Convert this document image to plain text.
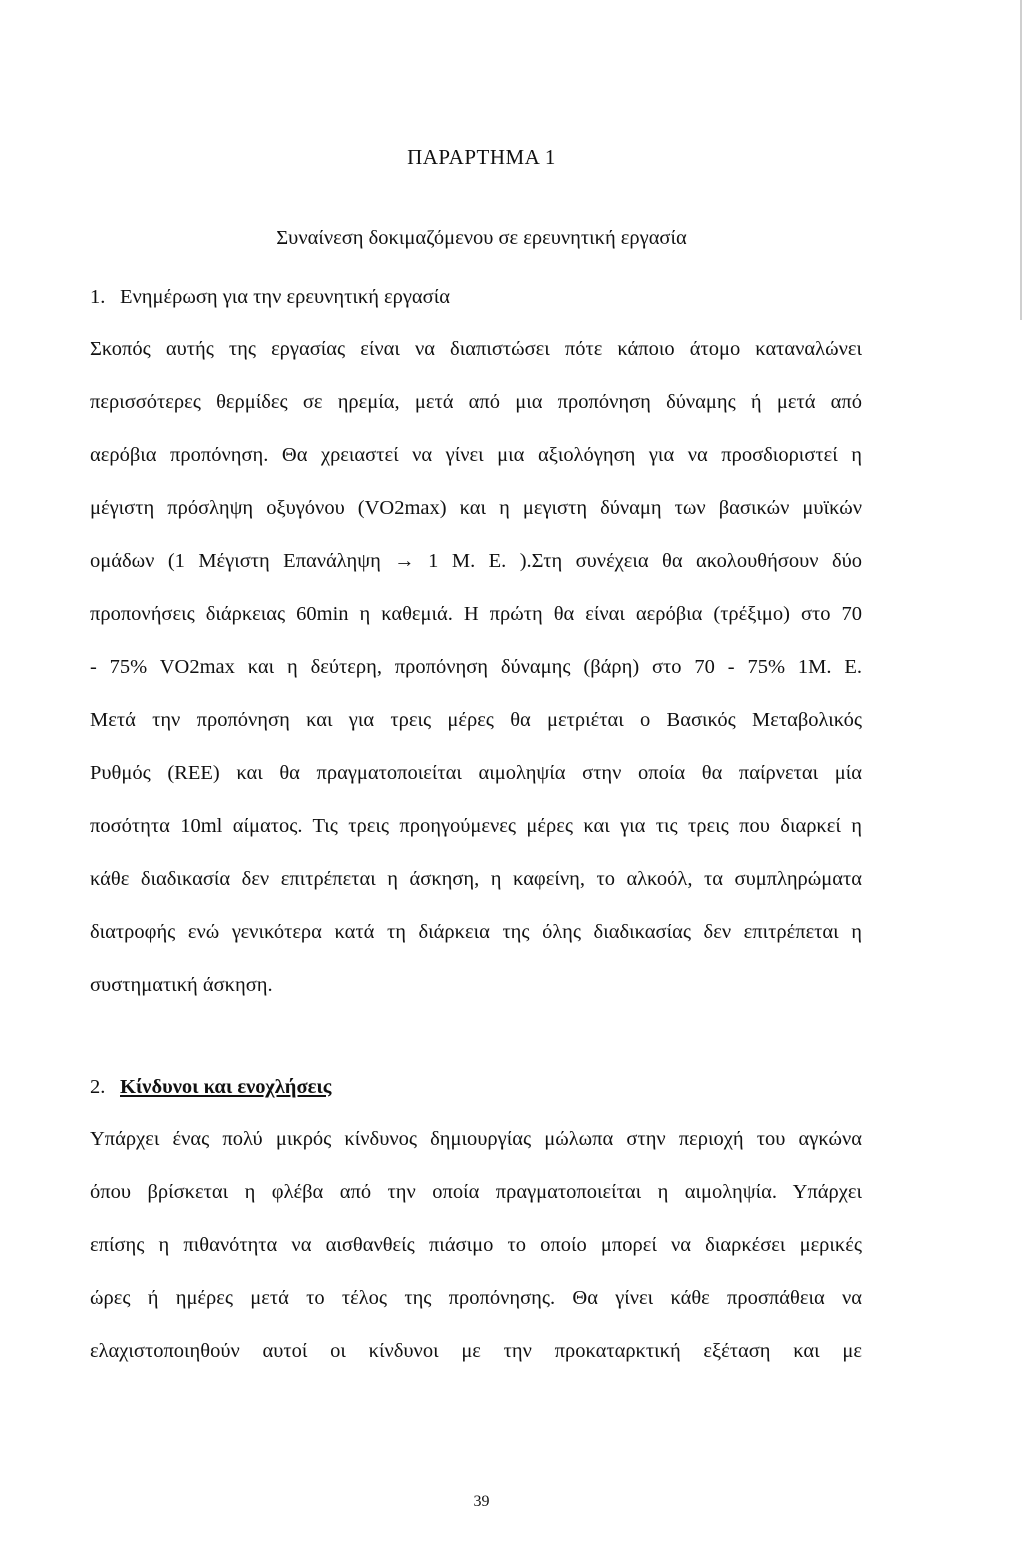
ΠΑΡΑΡΤΗΜΑ 1
Συναίνεση δοκιμαζόμενου σε ερευνητική εργασία
1. Ενημέρωση για την ερευνητική εργασία
Σκοπός αυτής της εργασίας είναι να διαπιστώσει πότε κάποιο άτομο καταναλώνει
περισσότερες θερμίδες σε ηρεμία, μετά από μια προπόνηση δύναμης ή μετά από
αερόβια προπόνηση. Θα χρειαστεί να γίνει μια αξιολόγηση για να προσδιοριστεί η
μέγιστη πρόσληψη οξυγόνου (VO2max) και η μεγιστη δύναμη των βασικών μυϊκών
ομάδων (1 Μέγιστη Επανάληψη → 1 Μ. Ε. ).Στη συνέχεια θα ακολουθήσουν δύο
προπονήσεις διάρκειας 60min η καθεμιά. Η πρώτη θα είναι αερόβια (τρέξιμο) στο 70
- 75% VO2max και η δεύτερη, προπόνηση δύναμης (βάρη) στο 70 - 75% 1Μ. Ε.
Μετά την προπόνηση και για τρεις μέρες θα μετριέται ο Βασικός Μεταβολικός
Ρυθμός (REE) και θα πραγματοποιείται αιμοληψία στην οποία θα παίρνεται μία
ποσότητα 10ml αίματος. Τις τρεις προηγούμενες μέρες και για τις τρεις που διαρκεί η
κάθε διαδικασία δεν επιτρέπεται η άσκηση, η καφείνη, το αλκοόλ, τα συμπληρώματα
διατροφής ενώ γενικότερα κατά τη διάρκεια της όλης διαδικασίας δεν επιτρέπεται η
συστηματική άσκηση.
2. Κίνδυνοι και ενοχλήσεις
Υπάρχει ένας πολύ μικρός κίνδυνος δημιουργίας μώλωπα στην περιοχή του αγκώνα
όπου βρίσκεται η φλέβα από την οποία πραγματοποιείται η αιμοληψία. Υπάρχει
επίσης η πιθανότητα να αισθανθείς πιάσιμο το οποίο μπορεί να διαρκέσει μερικές
ώρες ή ημέρες μετά το τέλος της προπόνησης. Θα γίνει κάθε προσπάθεια να
ελαχιστοποιηθούν αυτοί οι κίνδυνοι με την προκαταρκτική εξέταση και με
39
